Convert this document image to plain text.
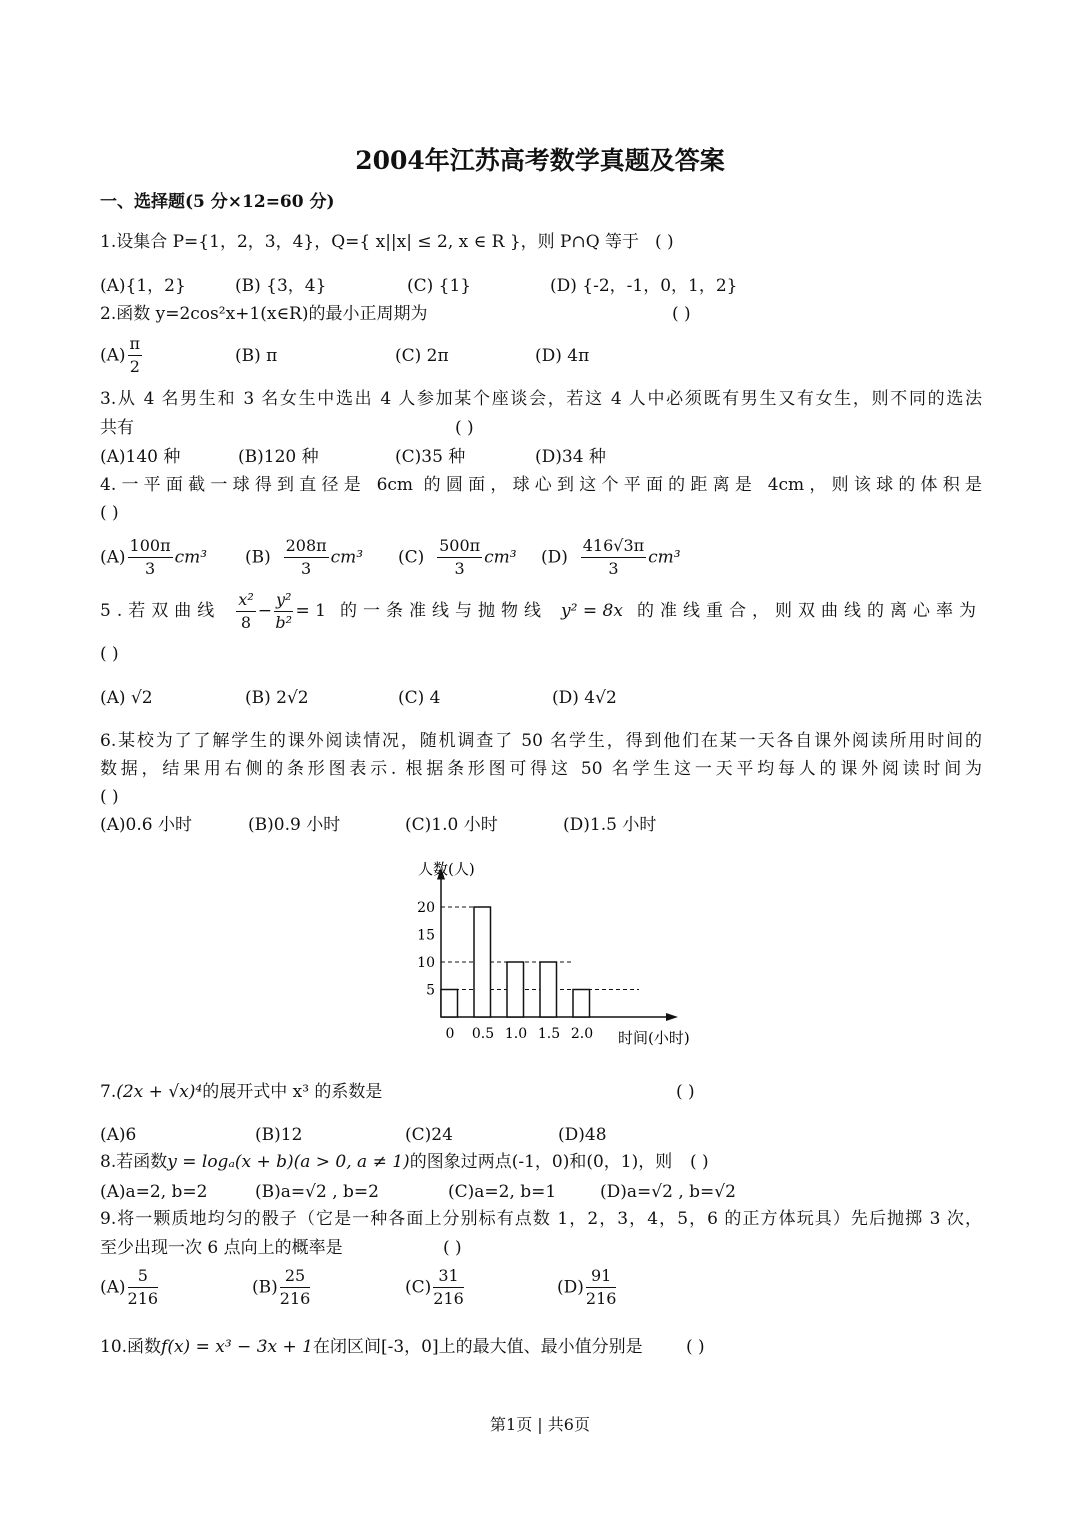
2004年江苏高考数学真题及答案
一、选择题(5 分×12=60 分)
1.设集合 P={1，2，3，4}，Q={ x||x| ≤ 2, x ∈ R }，则 P∩Q 等于 ( )
(A){1，2}	(B) {3，4}	(C) {1}	(D) {-2，-1，0，1，2}
2.函数 y=2cos²x+1(x∈R)的最小正周期为	( )
$(A) \frac{\pi}{2}$	(B) π	(C) 2π	(D) 4π
3.从 4 名男生和 3 名女生中选出 4 人参加某个座谈会，若这 4 人中必须既有男生又有女生，则不同的选法
共有	( )
(A)140 种	(B)120 种	(C)35 种	(D)34 种
4.一平面截一球得到直径是 6cm 的圆面，球心到这个平面的距离是 4cm，则该球的体积是
( )
$(A) \frac{100\pi}{3} cm^3$ $(B) \frac{208\pi}{3} cm^3$ $(C) \frac{500\pi}{3} cm^3$ $(D) \frac{416√3\pi}{3} cm^3$
5.若双曲线 $\frac{\text{x²}}{8} - \frac{\text{y²}}{\text{b²}} = 1$ 的一条准线与抛物线 y² = 8x 的准线重合，则双曲线的离心率为
( )
(A) √2	(B) 2√2	(C) 4	(D) 4√2
6.某校为了了解学生的课外阅读情况，随机调查了 50 名学生，得到他们在某一天各自课外阅读所用时间的
数据，结果用右侧的条形图表示. 根据条形图可得这 50 名学生这一天平均每人的课外阅读时间为
( )
(A)0.6 小时	(B)0.9 小时	(C)1.0 小时	(D)1.5 小时
5
10
15
20
0 0.5 1.0 1.5 2.0
人数(人)
时间(小时)
7.(2x + √x)⁴的展开式中 x³ 的系数是	( )
(A)6	(B)12	(C)24	(D)48
8.若函数y = logₐ(x + b)(a > 0, a ≠ 1)的图象过两点(-1，0)和(0，1)，则 ( )
(A)a=2, b=2	(B)a=√2 , b=2	(C)a=2, b=1	(D)a=√2 , b=√2
9.将一颗质地均匀的骰子（它是一种各面上分别标有点数 1，2，3，4，5，6 的正方体玩具）先后抛掷 3 次，
至少出现一次 6 点向上的概率是	( )
$(A) \frac{5}{216}$	$(B) \frac{25}{216}$	$(C) \frac{31}{216}$	$(D) \frac{91}{216}$
10.函数f(x) = x³ − 3x + 1在闭区间[-3，0]上的最大值、最小值分别是	( )
第1页 | 共6页
